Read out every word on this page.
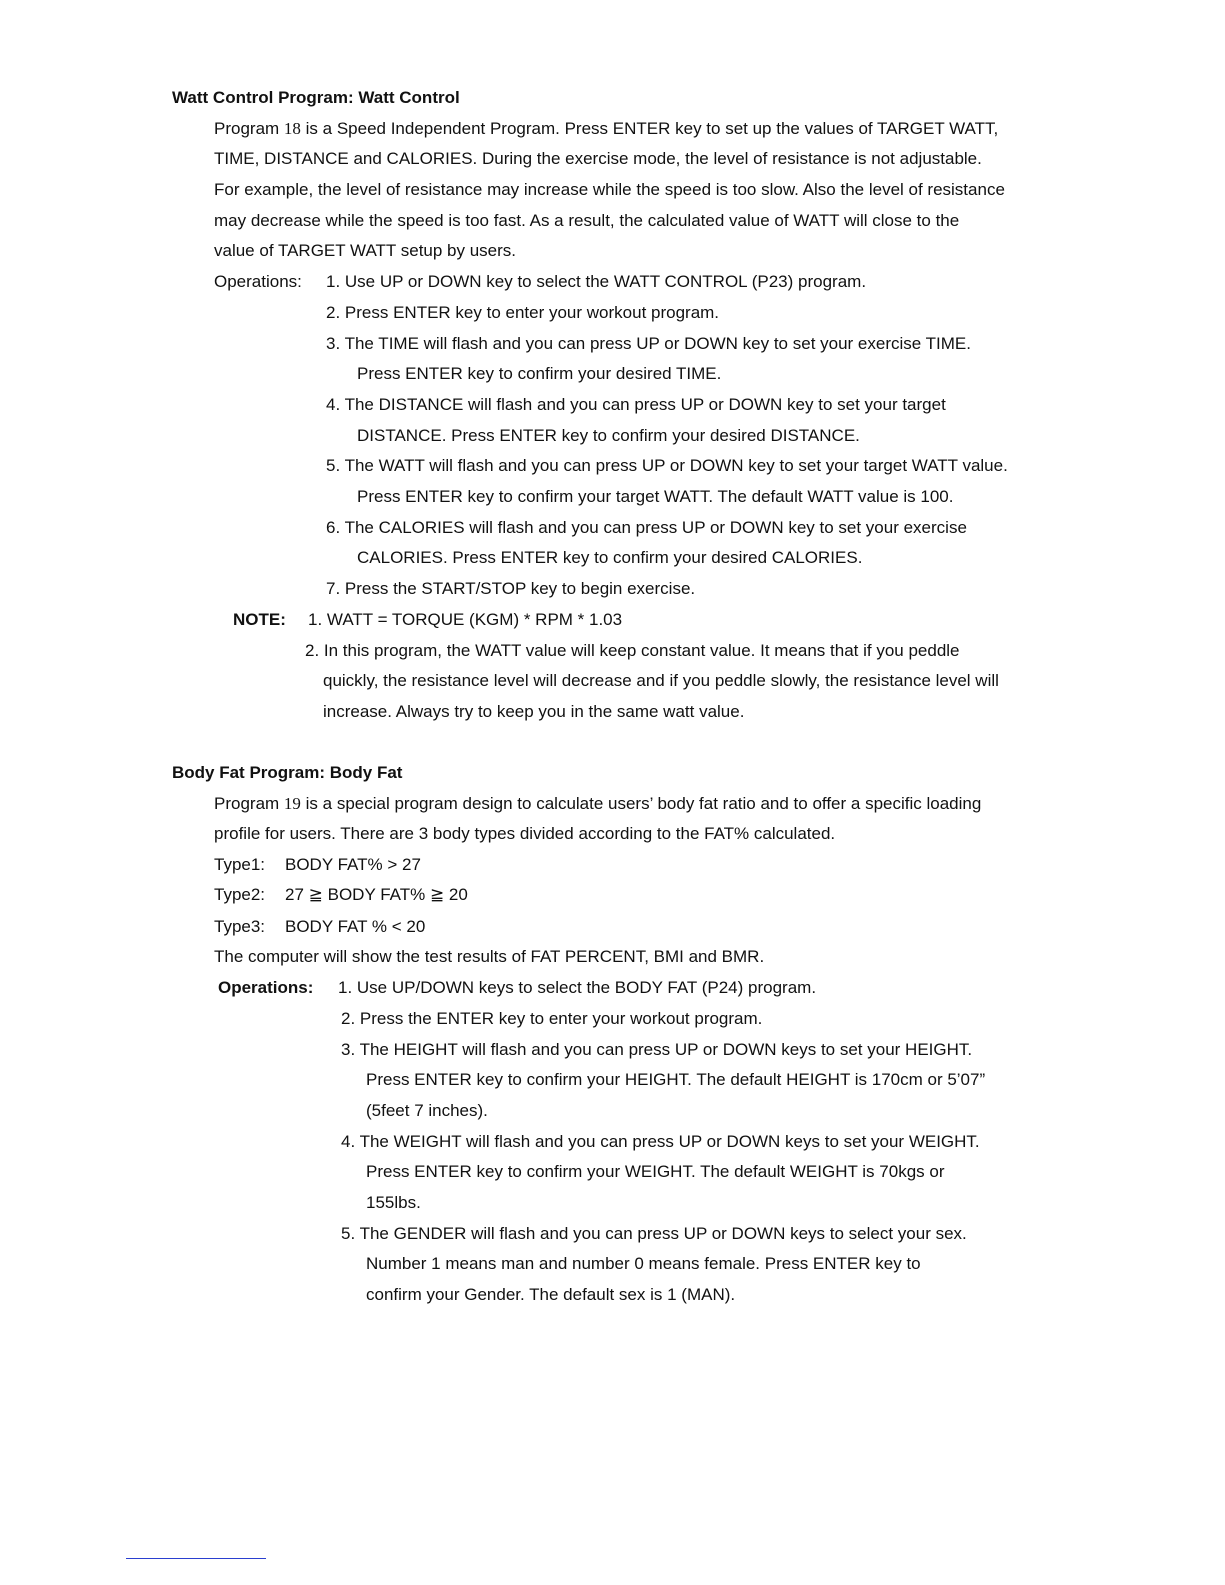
Watt Control Program: Watt Control
Program 18 is a Speed Independent Program. Press ENTER key to set up the values of TARGET WATT,
TIME, DISTANCE and CALORIES. During the exercise mode, the level of resistance is not adjustable.
For example, the level of resistance may increase while the speed is too slow. Also the level of resistance
may decrease while the speed is too fast. As a result, the calculated value of WATT will close to the
value of TARGET WATT setup by users.
Operations: 1. Use UP or DOWN key to select the WATT CONTROL (P23) program.
2. Press ENTER key to enter your workout program.
3. The TIME will flash and you can press UP or DOWN key to set your exercise TIME.
Press ENTER key to confirm your desired TIME.
4. The DISTANCE will flash and you can press UP or DOWN key to set your target
DISTANCE. Press ENTER key to confirm your desired DISTANCE.
5. The WATT will flash and you can press UP or DOWN key to set your target WATT value.
Press ENTER key to confirm your target WATT. The default WATT value is 100.
6. The CALORIES will flash and you can press UP or DOWN key to set your exercise
CALORIES. Press ENTER key to confirm your desired CALORIES.
7. Press the START/STOP key to begin exercise.
NOTE: 1. WATT = TORQUE (KGM) * RPM * 1.03
2. In this program, the WATT value will keep constant value. It means that if you peddle
quickly, the resistance level will decrease and if you peddle slowly, the resistance level will
increase. Always try to keep you in the same watt value.
Body Fat Program: Body Fat
Program 19 is a special program design to calculate users’ body fat ratio and to offer a specific loading
profile for users. There are 3 body types divided according to the FAT% calculated.
Type1: BODY FAT% > 27
Type2: 27 ≧ BODY FAT% ≧ 20
Type3: BODY FAT % < 20
The computer will show the test results of FAT PERCENT, BMI and BMR.
Operations: 1. Use UP/DOWN keys to select the BODY FAT (P24) program.
2. Press the ENTER key to enter your workout program.
3. The HEIGHT will flash and you can press UP or DOWN keys to set your HEIGHT.
Press ENTER key to confirm your HEIGHT. The default HEIGHT is 170cm or 5’07”
(5feet 7 inches).
4. The WEIGHT will flash and you can press UP or DOWN keys to set your WEIGHT.
Press ENTER key to confirm your WEIGHT. The default WEIGHT is 70kgs or
155lbs.
5. The GENDER will flash and you can press UP or DOWN keys to select your sex.
Number 1 means man and number 0 means female. Press ENTER key to
confirm your Gender. The default sex is 1 (MAN).
